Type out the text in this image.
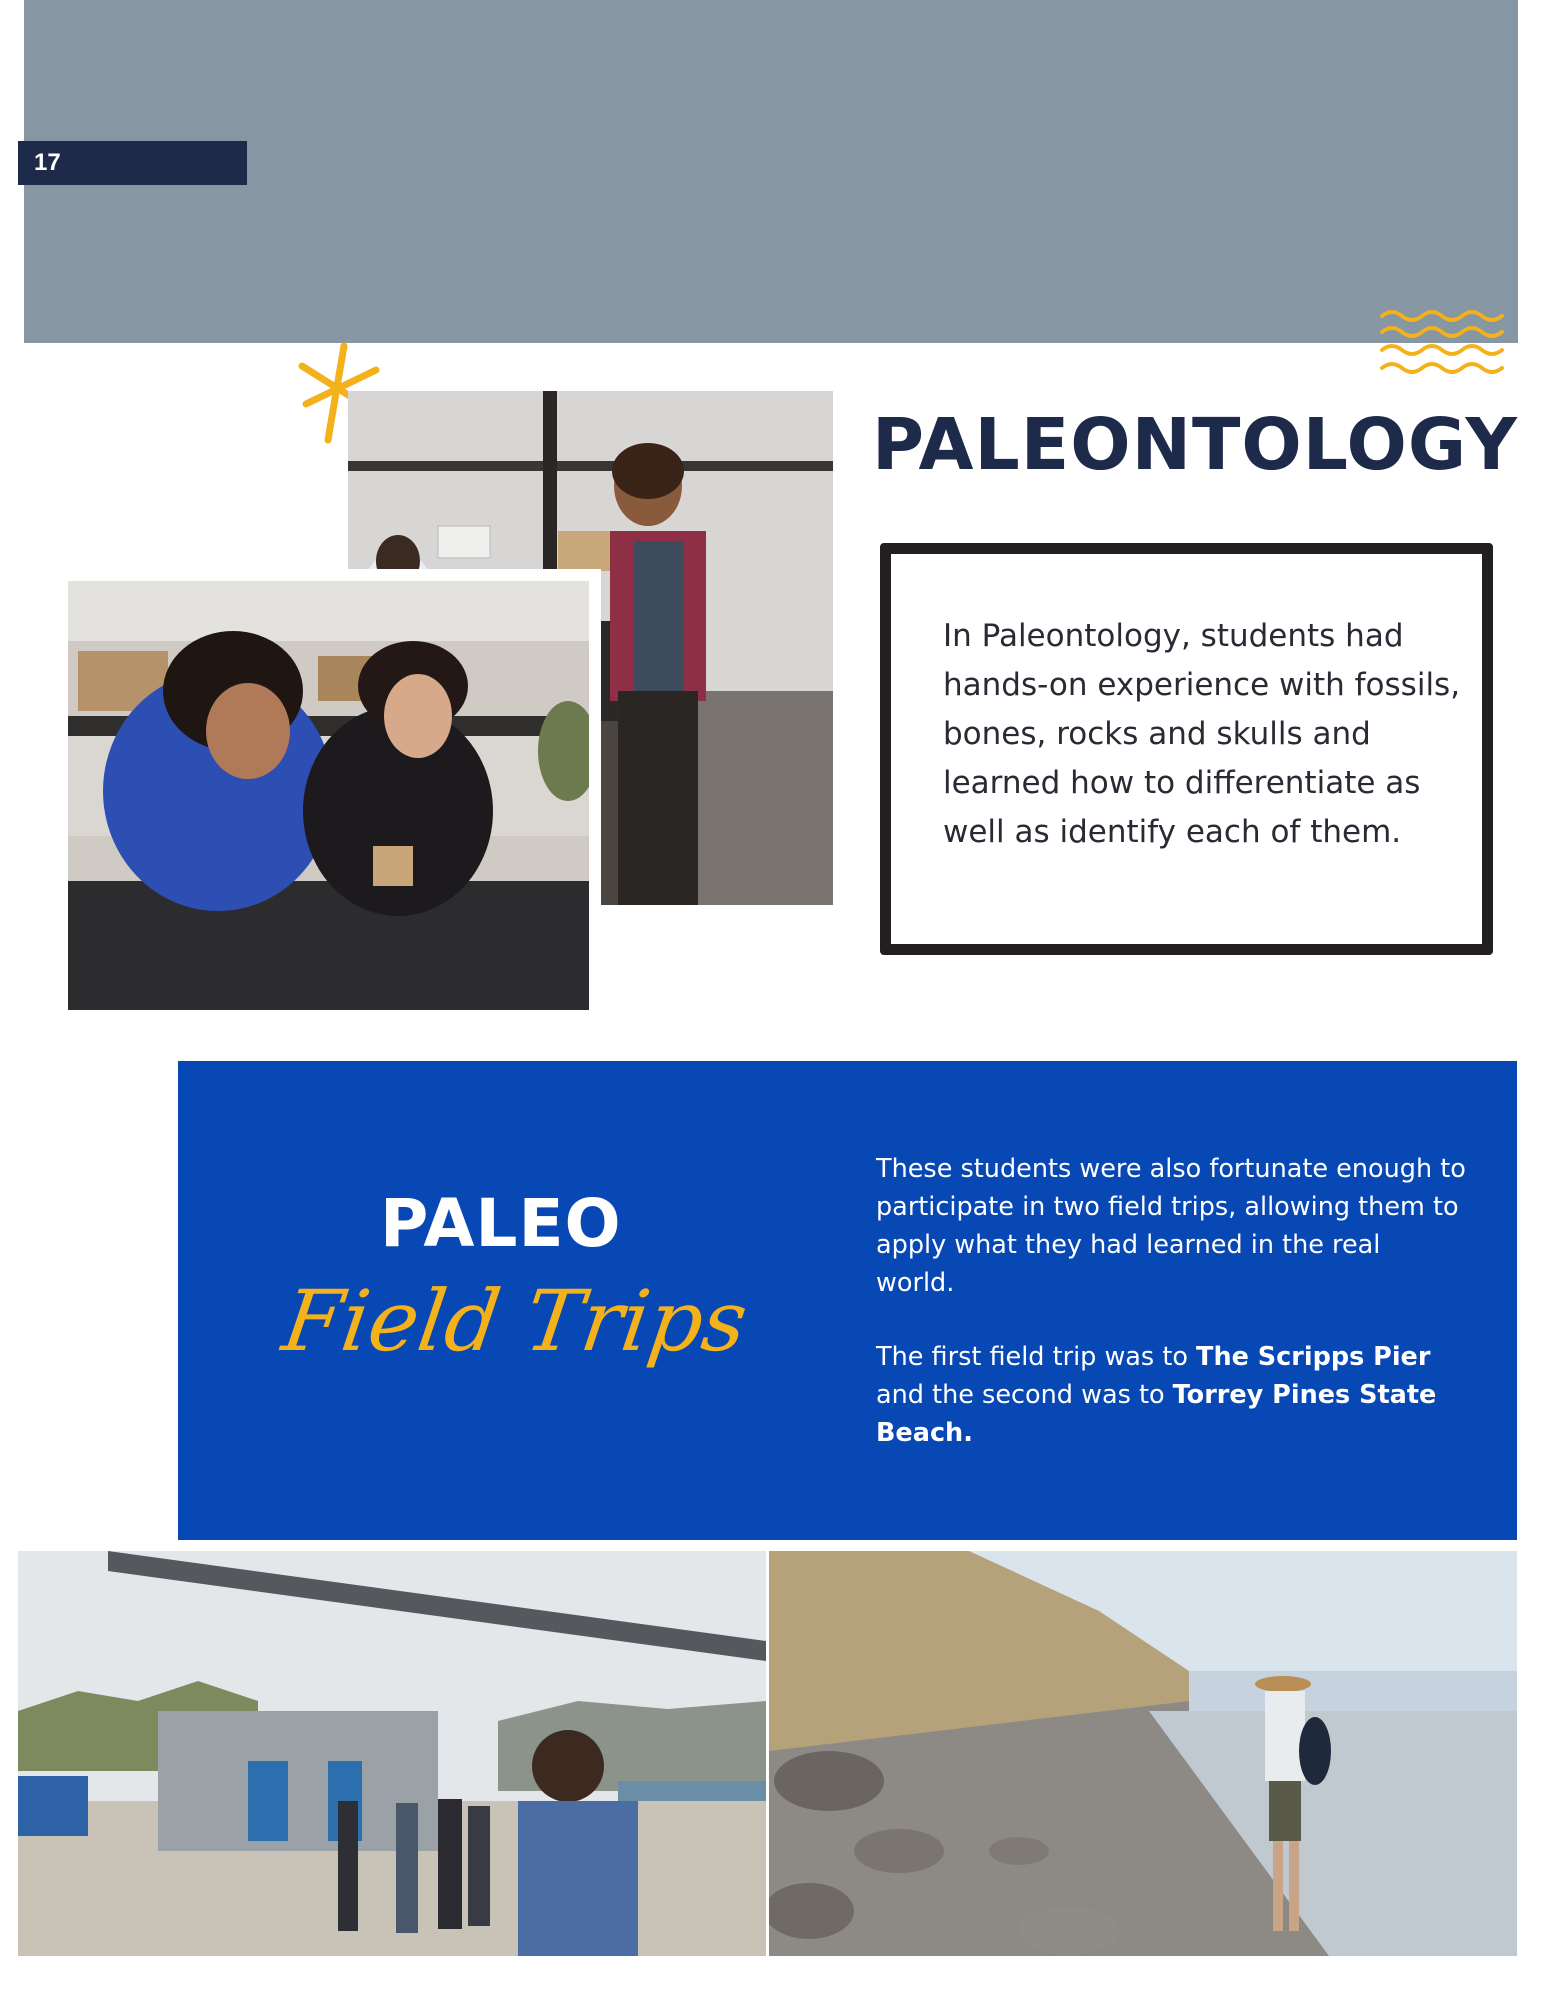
17
PALEONTOLOGY
In Paleontology, students had hands-on experience with fossils, bones, rocks and skulls and learned how to differentiate as well as identify each of them.
PALEO
Field Trips

These students were also fortunate enough to participate in two field trips, allowing them to apply what they had learned in the real world.

The first field trip was to The Scripps Pier and the second was to Torrey Pines State Beach.
